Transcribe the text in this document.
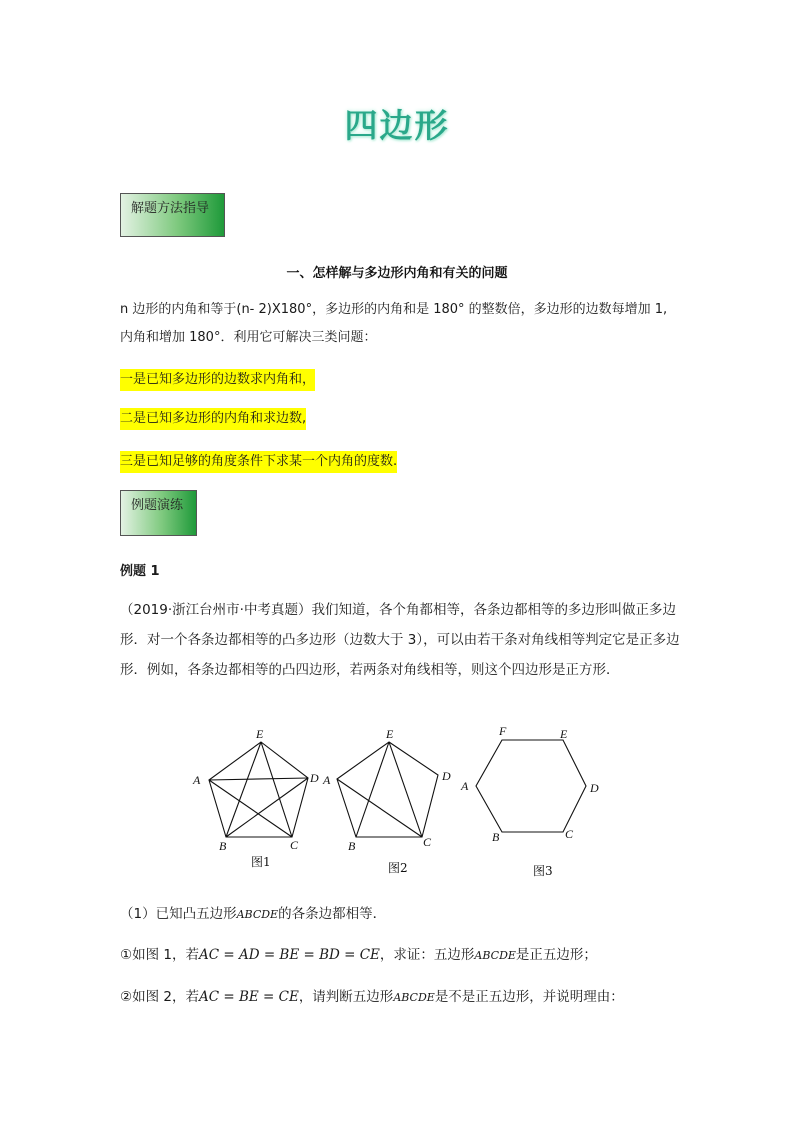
四边形
解题方法指导
一、怎样解与多边形内角和有关的问题
n 边形的内角和等于(n- 2)X180°，多边形的内角和是 180° 的整数倍，多边形的边数每增加 1,内角和增加 180°．利用它可解决三类问题：
一是已知多边形的边数求内角和，
二是已知多边形的内角和求边数,
三是已知足够的角度条件下求某一个内角的度数.
例题演练
例题 1
（2019·浙江台州市·中考真题）我们知道，各个角都相等，各条边都相等的多边形叫做正多边形．对一个各条边都相等的凸多边形（边数大于 3），可以由若干条对角线相等判定它是正多边形．例如，各条边都相等的凸四边形，若两条对角线相等，则这个四边形是正方形．
E
A	D
B	C
图1
E
A	D
B	C
图2
F	E
A	D
B	C
图3
（1）已知凸五边形ABCDE的各条边都相等．
①如图 1，若AC = AD = BE = BD = CE，求证：五边形ABCDE是正五边形；
②如图 2，若AC = BE = CE，请判断五边形ABCDE是不是正五边形，并说明理由：
